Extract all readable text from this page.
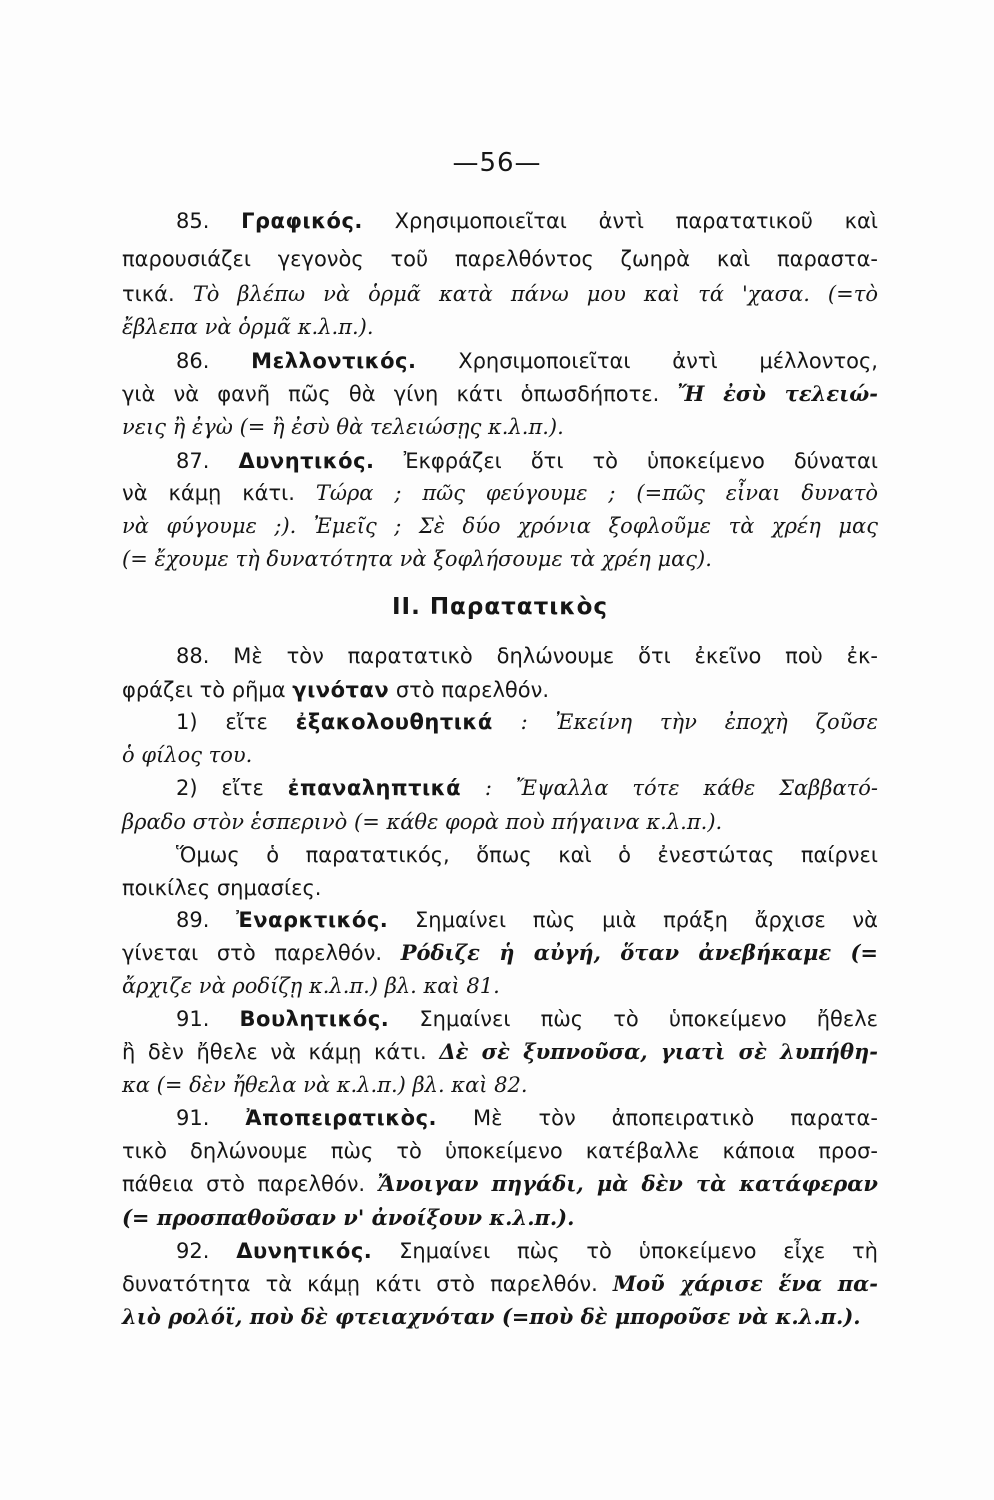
—56—
85. Γραφικός. Χρησιμοποιεῖται ἀντὶ παρατατικοῦ καὶ
παρουσιάζει γεγονὸς τοῦ παρελθόντος ζωηρὰ καὶ παραστα-
τικά. Τὸ βλέπω νὰ ὁρμᾶ κατὰ πάνω μου καὶ τά 'χασα. (=τὸ
ἔβλεπα νὰ ὁρμᾶ κ.λ.π.).
86. Μελλοντικός. Χρησιμοποιεῖται ἀντὶ μέλλοντος,
γιὰ νὰ φανῆ πῶς θὰ γίνη κάτι ὁπωσδήποτε. Ἤ ἐσὺ τελειώ-
νεις ἢ ἐγὼ (= ἢ ἐσὺ θὰ τελειώσῃς κ.λ.π.).
87. Δυνητικός. Ἐκφράζει ὅτι τὸ ὑποκείμενο δύναται
νὰ κάμῃ κάτι. Τώρα ; πῶς φεύγουμε ; (=πῶς εἶναι δυνατὸ
νὰ φύγουμε ;). Ἐμεῖς ; Σὲ δύο χρόνια ξοφλοῦμε τὰ χρέη μας
(= ἔχουμε τὴ δυνατότητα νὰ ξοφλήσουμε τὰ χρέη μας).
II. Παρατατικὸς
88. Μὲ τὸν παρατατικὸ δηλώνουμε ὅτι ἐκεῖνο ποὺ ἐκ-
φράζει τὸ ρῆμα γινόταν στὸ παρελθόν.
1) εἴτε ἐξακολουθητικά : Ἐκείνη τὴν ἐποχὴ ζοῦσε
ὁ φίλος του.
2) εἴτε ἐπαναληπτικά : Ἔψαλλα τότε κάθε Σαββατό-
βραδο στὸν ἑσπερινὸ (= κάθε φορὰ ποὺ πήγαινα κ.λ.π.).
Ὅμως ὁ παρατατικός, ὅπως καὶ ὁ ἐνεστώτας παίρνει
ποικίλες σημασίες.
89. Ἐναρκτικός. Σημαίνει πὼς μιὰ πράξη ἄρχισε νὰ
γίνεται στὸ παρελθόν. Ρόδιζε ἡ αὐγή, ὅταν ἀνεβήκαμε (=
ἄρχιζε νὰ ροδίζῃ κ.λ.π.) βλ. καὶ 81.
91. Βουλητικός. Σημαίνει πὼς τὸ ὑποκείμενο ἤθελε
ἢ δὲν ἤθελε νὰ κάμῃ κάτι. Δὲ σὲ ξυπνοῦσα, γιατὶ σὲ λυπήθη-
κα (= δὲν ἤθελα νὰ κ.λ.π.) βλ. καὶ 82.
91. Ἀποπειρατικὸς. Μὲ τὸν ἀποπειρατικὸ παρατα-
τικὸ δηλώνουμε πὼς τὸ ὑποκείμενο κατέβαλλε κάποια προσ-
πάθεια στὸ παρελθόν. Ἄνοιγαν πηγάδι, μὰ δὲν τὰ κατάφεραν
(= προσπαθοῦσαν ν' ἀνοίξουν κ.λ.π.).
92. Δυνητικός. Σημαίνει πὼς τὸ ὑποκείμενο εἶχε τὴ
δυνατότητα τὰ κάμῃ κάτι στὸ παρελθόν. Μοῦ χάρισε ἕνα πα-
λιὸ ρολόϊ, ποὺ δὲ φτειαχνόταν (=ποὺ δὲ μποροῦσε νὰ κ.λ.π.).
